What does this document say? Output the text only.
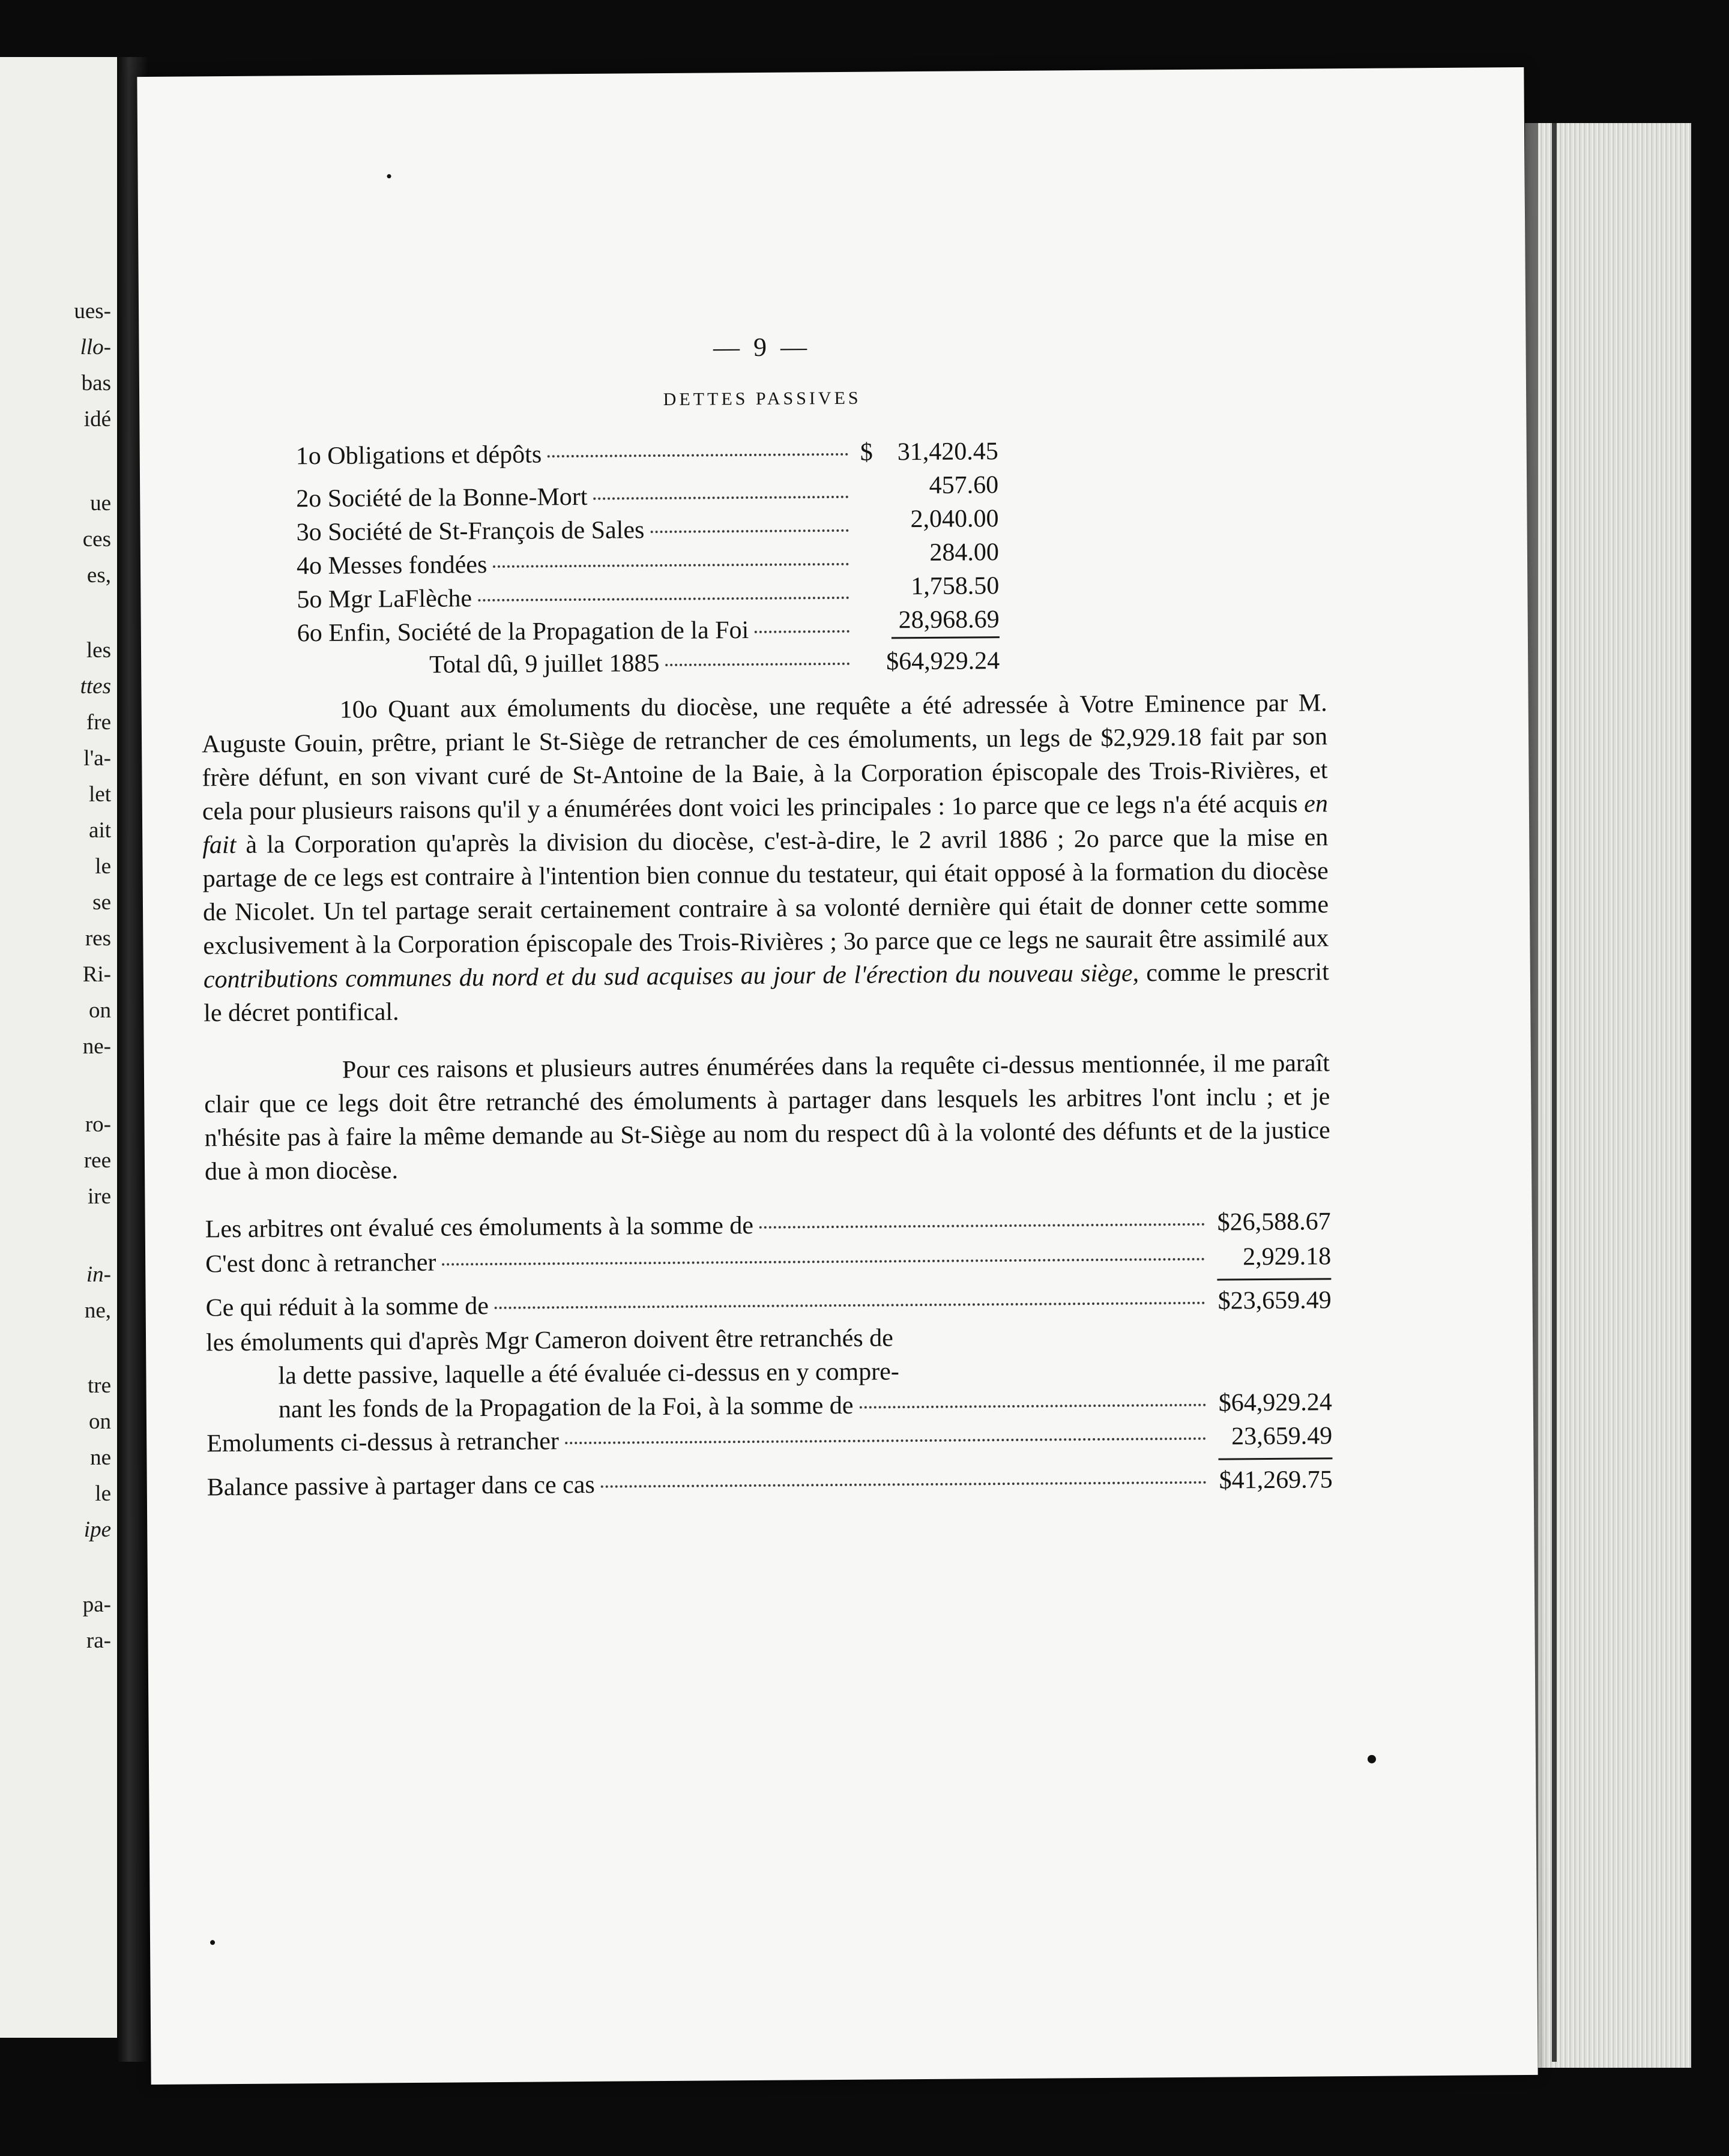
ues-
llo-
bas
idé
ue
ces
es,
les
ttes
fre
l'a-
let
ait
le
se
res
Ri-
on
ne-
ro-
ree
ire
in-
ne,
tre
on
ne
le
ipe
pa-
ra-
— 9 —
DETTES PASSIVES
1o Obligations et dépôts	$ 31,420.45
2o Société de la Bonne-Mort	457.60
3o Société de St-François de Sales	2,040.00
4o Messes fondées	284.00
5o Mgr LaFlèche	1,758.50
6o Enfin, Société de la Propagation de la Foi	28,968.69
Total dû, 9 juillet 1885	$64,929.24

10o Quant aux émoluments du diocèse, une requête a été adressée à Votre Eminence par M. Auguste Gouin, prêtre, priant le St-Siège de retrancher de ces émoluments, un legs de $2,929.18 fait par son frère défunt, en son vivant curé de St-Antoine de la Baie, à la Corporation épiscopale des Trois-Rivières, et cela pour plusieurs raisons qu'il y a énumérées dont voici les principales : 1o parce que ce legs n'a été acquis en fait à la Corporation qu'après la division du diocèse, c'est-à-dire, le 2 avril 1886 ; 2o parce que la mise en partage de ce legs est contraire à l'intention bien connue du testateur, qui était opposé à la formation du diocèse de Nicolet. Un tel partage serait certainement contraire à sa volonté dernière qui était de donner cette somme exclusivement à la Corporation épiscopale des Trois-Rivières ; 3o parce que ce legs ne saurait être assimilé aux contributions communes du nord et du sud acquises au jour de l'érection du nouveau siège, comme le prescrit le décret pontifical.

Pour ces raisons et plusieurs autres énumérées dans la requête ci-dessus mentionnée, il me paraît clair que ce legs doit être retranché des émoluments à partager dans lesquels les arbitres l'ont inclu ; et je n'hésite pas à faire la même demande au St-Siège au nom du respect dû à la volonté des défunts et de la justice due à mon diocèse.

Les arbitres ont évalué ces émoluments à la somme de	$26,588.67
C'est donc à retrancher	2,929.18
Ce qui réduit à la somme de	$23,659.49
les émoluments qui d'après Mgr Cameron doivent être retranchés de
la dette passive, laquelle a été évaluée ci-dessus en y compre-
nant les fonds de la Propagation de la Foi, à la somme de	$64,929.24
Emoluments ci-dessus à retrancher	23,659.49
Balance passive à partager dans ce cas	$41,269.75
